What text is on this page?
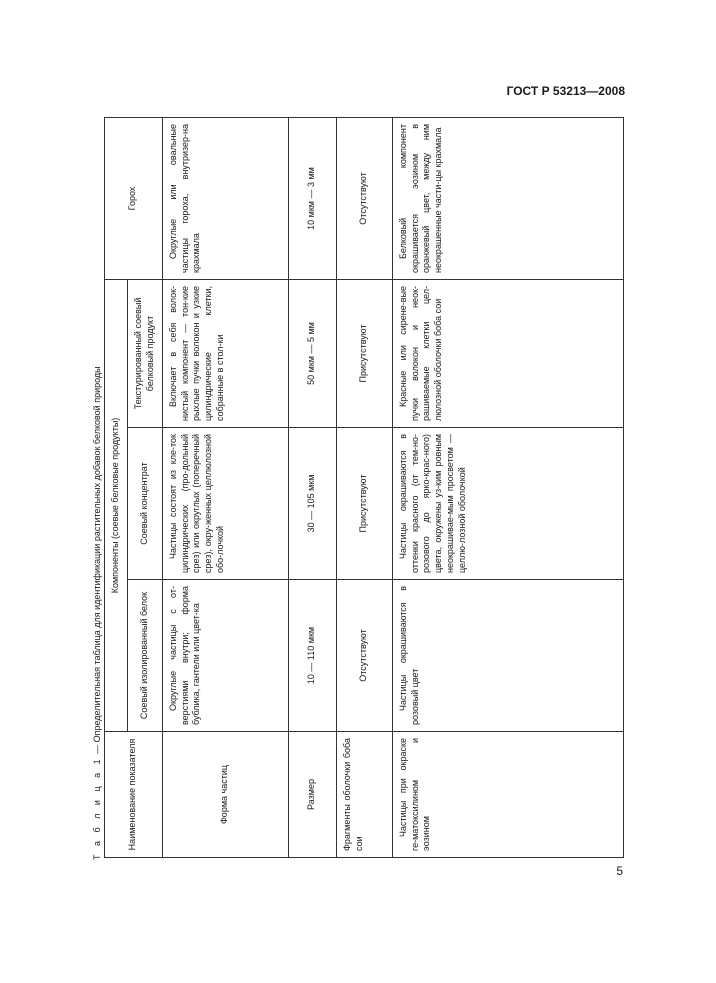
ГОСТ Р 53213—2008
Т а б л и ц а 1 — Определительная таблица для идентификации растительных добавок белковой природы
Наименование показателя	Компоненты (соевые белковые продукты)			Горох
	Соевый изолированный белок	Соевый концентрат	Текстурированный соевый белковый продукт	
Форма частиц	Округлые частицы с от-верстиями внутри; форма бублика, гантели или цвет-ка	Частицы состоят из кле-ток цилиндрических (про-дольный срез) или округлых (поперечный срез), окру-женных целлюлозной обо-лочкой	Включает в себя волок-нистый компонент — тон-кие рыхлые пучки волокон и узкие цилиндрические клетки, собранные в стол-ки	Округлые или овальные частицы гороха, внутризер-на крахмала
Размер	10 — 110 мкм	30 — 105 мкм	50 мкм — 5 мм	10 мкм — 3 мм
Фрагменты оболочки боба сои	Отсутствуют	Присутствуют	Присутствуют	Отсутствуют
Частицы при окраске ге-матоксилином и эозином	Частицы окрашиваются в розовый цвет	Частицы окрашиваются в оттенки красного (от тем-но-розового до ярко-крас-ного) цвета, окружены уз-ким ровным неокрашивае-мым просветом — целлю-лозной оболочкой	Красные или сирене-вые пучки волокон и неок-рашиваемые клетки цел-люлозной оболочки боба сои	Белковый компонент окрашивается эозином в оранжевый цвет, между ним неокрашенные части-цы крахмала
5
